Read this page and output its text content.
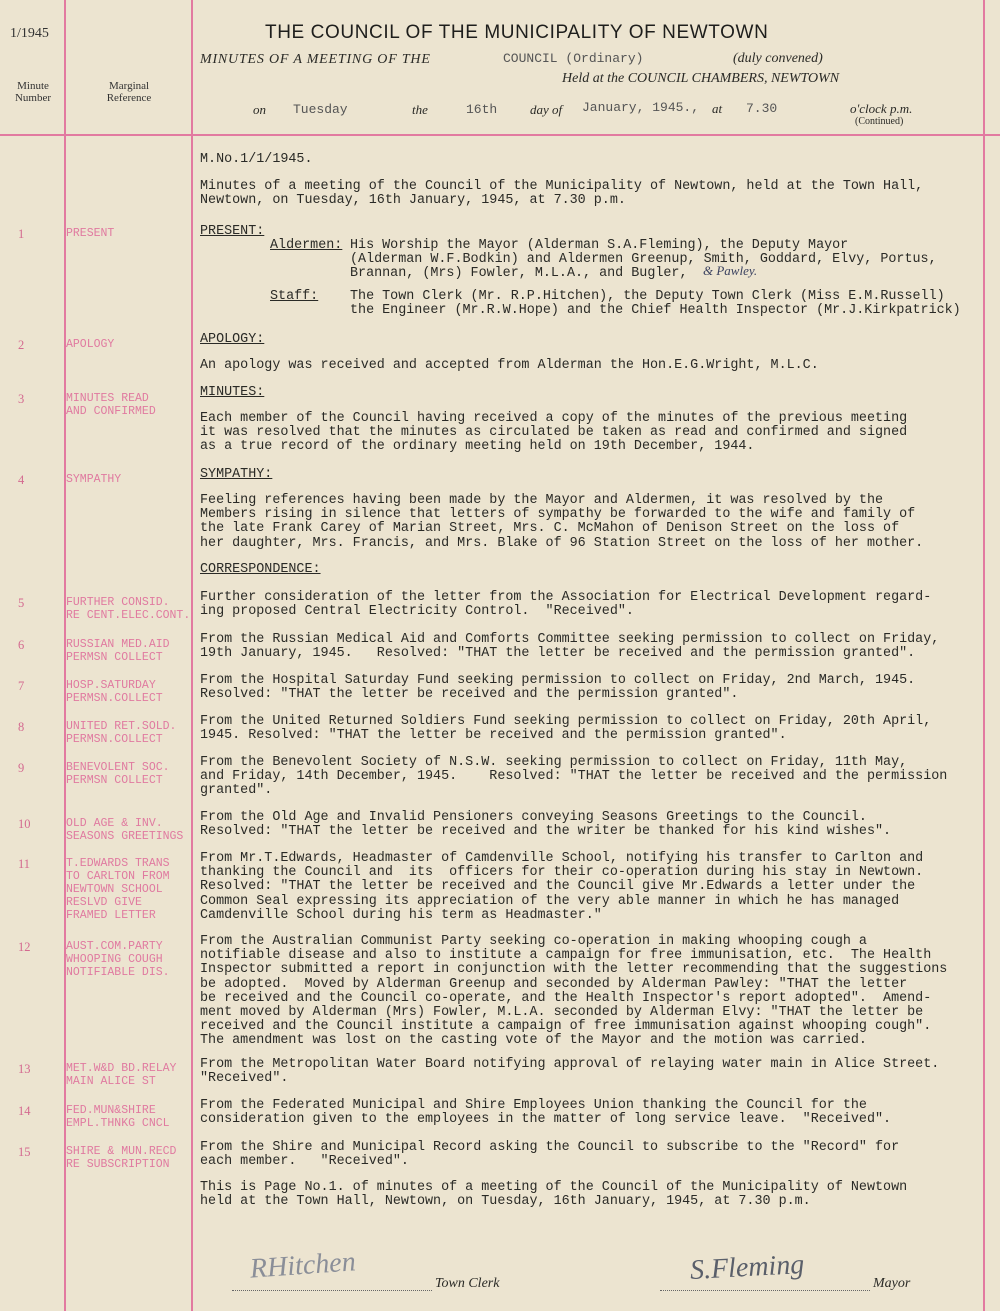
1/1945	THE COUNCIL OF THE MUNICIPALITY OF NEWTOWN
MINUTES OF A MEETING OF THE	COUNCIL (Ordinary)	(duly convened)
Held at the COUNCIL CHAMBERS, NEWTOWN
on Tuesday	the	16th	day of January, 1945., at 7.30	o'clock p.m.
(Continued)
Minute
Number
Marginal
Reference
M.No.1/1/1945.
Minutes of a meeting of the Council of the Municipality of Newtown, held at the Town Hall,
Newtown, on Tuesday, 16th January, 1945, at 7.30 p.m.
1	PRESENT	PRESENT:
Aldermen: His Worship the Mayor (Alderman S.A.Fleming), the Deputy Mayor
(Alderman W.F.Bodkin) and Aldermen Greenup, Smith, Goddard, Elvy, Portus,
Brannan, (Mrs) Fowler, M.L.A., and Bugler,	& Pawley.
Staff:	The Town Clerk (Mr. R.P.Hitchen), the Deputy Town Clerk (Miss E.M.Russell)
the Engineer (Mr.R.W.Hope) and the Chief Health Inspector (Mr.J.Kirkpatrick)
2	APOLOGY	APOLOGY:
An apology was received and accepted from Alderman the Hon.E.G.Wright, M.L.C.
3	MINUTES READ
AND CONFIRMED
MINUTES:
Each member of the Council having received a copy of the minutes of the previous meeting
it was resolved that the minutes as circulated be taken as read and confirmed and signed
as a true record of the ordinary meeting held on 19th December, 1944.
4	SYMPATHY	SYMPATHY:
Feeling references having been made by the Mayor and Aldermen, it was resolved by the
Members rising in silence that letters of sympathy be forwarded to the wife and family of
the late Frank Carey of Marian Street, Mrs. C. McMahon of Denison Street on the loss of
her daughter, Mrs. Francis, and Mrs. Blake of 96 Station Street on the loss of her mother.
CORRESPONDENCE:
5	FURTHER CONSID.
RE CENT.ELEC.CONT.
Further consideration of the letter from the Association for Electrical Development regard-
ing proposed Central Electricity Control.  "Received".
6	RUSSIAN MED.AID
PERMSN COLLECT
From the Russian Medical Aid and Comforts Committee seeking permission to collect on Friday,
19th January, 1945.   Resolved: "THAT the letter be received and the permission granted".
7	HOSP.SATURDAY
PERMSN.COLLECT
From the Hospital Saturday Fund seeking permission to collect on Friday, 2nd March, 1945.
Resolved: "THAT the letter be received and the permission granted".
8	UNITED RET.SOLD.
PERMSN.COLLECT
From the United Returned Soldiers Fund seeking permission to collect on Friday, 20th April,
1945. Resolved: "THAT the letter be received and the permission granted".
9	BENEVOLENT SOC.
PERMSN COLLECT
From the Benevolent Society of N.S.W. seeking permission to collect on Friday, 11th May,
and Friday, 14th December, 1945.    Resolved: "THAT the letter be received and the permission
granted".
10	OLD AGE & INV.
SEASONS GREETINGS
From the Old Age and Invalid Pensioners conveying Seasons Greetings to the Council.
Resolved: "THAT the letter be received and the writer be thanked for his kind wishes".
11	T.EDWARDS TRANS
TO CARLTON FROM
NEWTOWN SCHOOL
RESLVD GIVE
FRAMED LETTER
From Mr.T.Edwards, Headmaster of Camdenville School, notifying his transfer to Carlton and
thanking the Council and  its  officers for their co-operation during his stay in Newtown.
Resolved: "THAT the letter be received and the Council give Mr.Edwards a letter under the
Common Seal expressing its appreciation of the very able manner in which he has managed
Camdenville School during his term as Headmaster."
12	AUST.COM.PARTY
WHOOPING COUGH
NOTIFIABLE DIS.
From the Australian Communist Party seeking co-operation in making whooping cough a
notifiable disease and also to institute a campaign for free immunisation, etc.  The Health
Inspector submitted a report in conjunction with the letter recommending that the suggestions
be adopted.  Moved by Alderman Greenup and seconded by Alderman Pawley: "THAT the letter
be received and the Council co-operate, and the Health Inspector's report adopted".  Amend-
ment moved by Alderman (Mrs) Fowler, M.L.A. seconded by Alderman Elvy: "THAT the letter be
received and the Council institute a campaign of free immunisation against whooping cough".
The amendment was lost on the casting vote of the Mayor and the motion was carried.
13	MET.W&D BD.RELAY
MAIN ALICE ST
From the Metropolitan Water Board notifying approval of relaying water main in Alice Street.
"Received".
14	FED.MUN&SHIRE
EMPL.THNKG CNCL
From the Federated Municipal and Shire Employees Union thanking the Council for the
consideration given to the employees in the matter of long service leave.  "Received".
15	SHIRE & MUN.RECD
RE SUBSCRIPTION
From the Shire and Municipal Record asking the Council to subscribe to the "Record" for
each member.   "Received".
This is Page No.1. of minutes of a meeting of the Council of the Municipality of Newtown
held at the Town Hall, Newtown, on Tuesday, 16th January, 1945, at 7.30 p.m.
RHitchen	Town Clerk	S.Fleming	Mayor
